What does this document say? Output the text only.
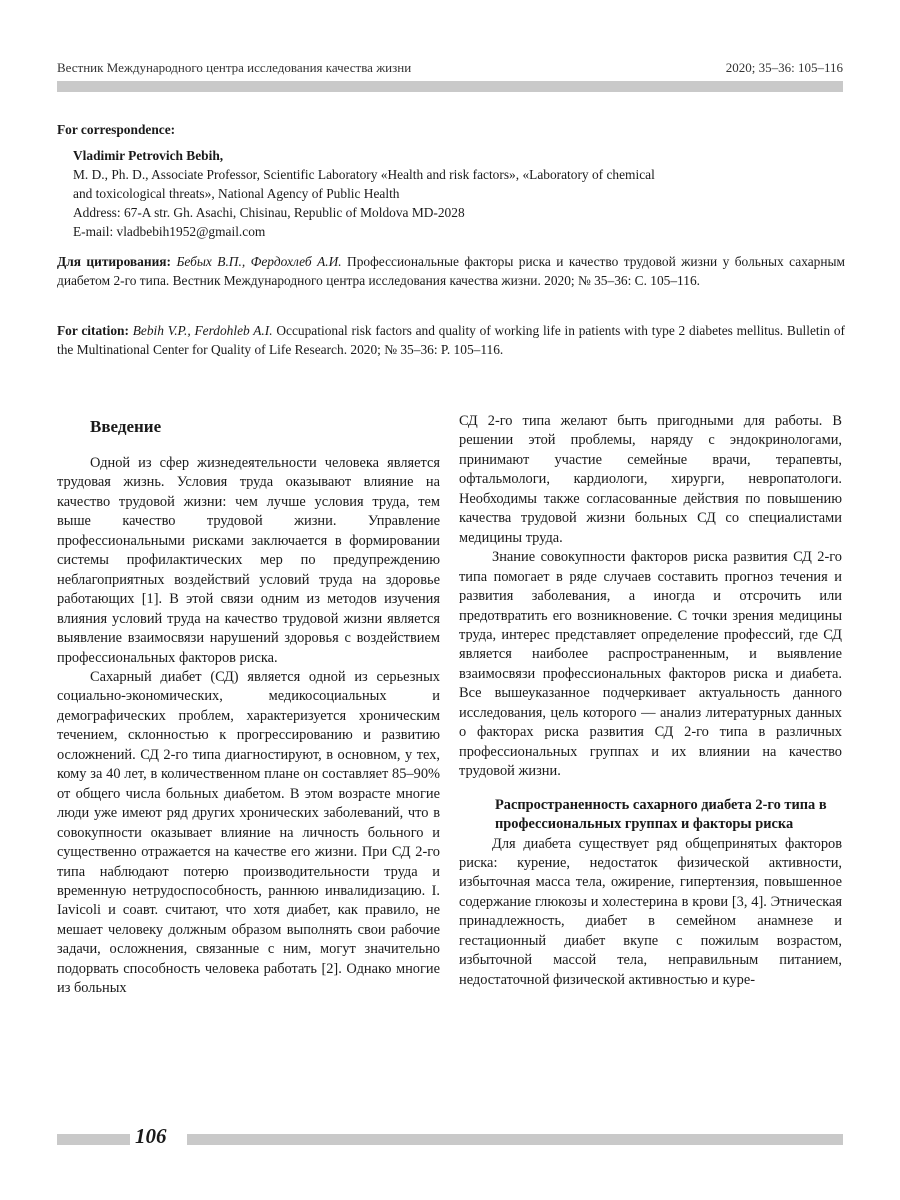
Вестник Международного центра исследования качества жизни	2020; 35–36: 105–116
For correspondence:
Vladimir Petrovich Bebih,
M. D., Ph. D., Associate Professor, Scientific Laboratory «Health and risk factors», «Laboratory of chemical
and toxicological threats», National Agency of Public Health
Address: 67-A str. Gh. Asachi, Chisinau, Republic of Moldova MD-2028
E-mail: vladbebih1952@gmail.com
Для цитирования: Бебых В.П., Фердохлеб А.И. Профессиональные факторы риска и качество трудовой жизни у больных сахарным диабетом 2-го типа. Вестник Международного центра исследования качества жизни. 2020; № 35–36: С. 105–116.
For citation: Bebih V.P., Ferdohleb A.I. Occupational risk factors and quality of working life in patients with type 2 diabetes mellitus. Bulletin of the Multinational Center for Quality of Life Research. 2020; № 35–36: P. 105–116.
Введение

Одной из сфер жизнедеятельности человека является трудовая жизнь. Условия труда оказывают влияние на качество трудовой жизни: чем лучше условия труда, тем выше качество трудовой жизни. Управление профессиональными рисками заключается в формировании системы профилактических мер по предупреждению неблагоприятных воздействий условий труда на здоровье работающих [1]. В этой связи одним из методов изучения влияния условий труда на качество трудовой жизни является выявление взаимосвязи нарушений здоровья с воздействием профессиональных факторов риска.

Сахарный диабет (СД) является одной из серьезных социально-экономических, медикосоциальных и демографических проблем, характеризуется хроническим течением, склонностью к прогрессированию и развитию осложнений. СД 2-го типа диагностируют, в основном, у тех, кому за 40 лет, в количественном плане он составляет 85–90% от общего числа больных диабетом. В этом возрасте многие люди уже имеют ряд других хронических заболеваний, что в совокупности оказывает влияние на личность больного и существенно отражается на качестве его жизни. При СД 2-го типа наблюдают потерю производительности труда и временную нетрудоспособность, раннюю инвалидизацию. I. Iavicoli и соавт. считают, что хотя диабет, как правило, не мешает человеку должным образом выполнять свои рабочие задачи, осложнения, связанные с ним, могут значительно подорвать способность человека работать [2]. Однако многие из больных

СД 2-го типа желают быть пригодными для работы. В решении этой проблемы, наряду с эндокринологами, принимают участие семейные врачи, терапевты, офтальмологи, кардиологи, хирурги, невропатологи. Необходимы также согласованные действия по повышению качества трудовой жизни больных СД со специалистами медицины труда.

Знание совокупности факторов риска развития СД 2-го типа помогает в ряде случаев составить прогноз течения и развития заболевания, а иногда и отсрочить или предотвратить его возникновение. С точки зрения медицины труда, интерес представляет определение профессий, где СД является наиболее распространенным, и выявление взаимосвязи профессиональных факторов риска и диабета. Все вышеуказанное подчеркивает актуальность данного исследования, цель которого — анализ литературных данных о факторах риска развития СД 2-го типа в различных профессиональных группах и их влиянии на качество трудовой жизни.

Распространенность сахарного диабета 2-го типа в профессиональных группах и факторы риска

Для диабета существует ряд общепринятых факторов риска: курение, недостаток физической активности, избыточная масса тела, ожирение, гипертензия, повышенное содержание глюкозы и холестерина в крови [3, 4]. Этническая принадлежность, диабет в семейном анамнезе и гестационный диабет вкупе с пожилым возрастом, избыточной массой тела, неправильным питанием, недостаточной физической активностью и куре-

106
